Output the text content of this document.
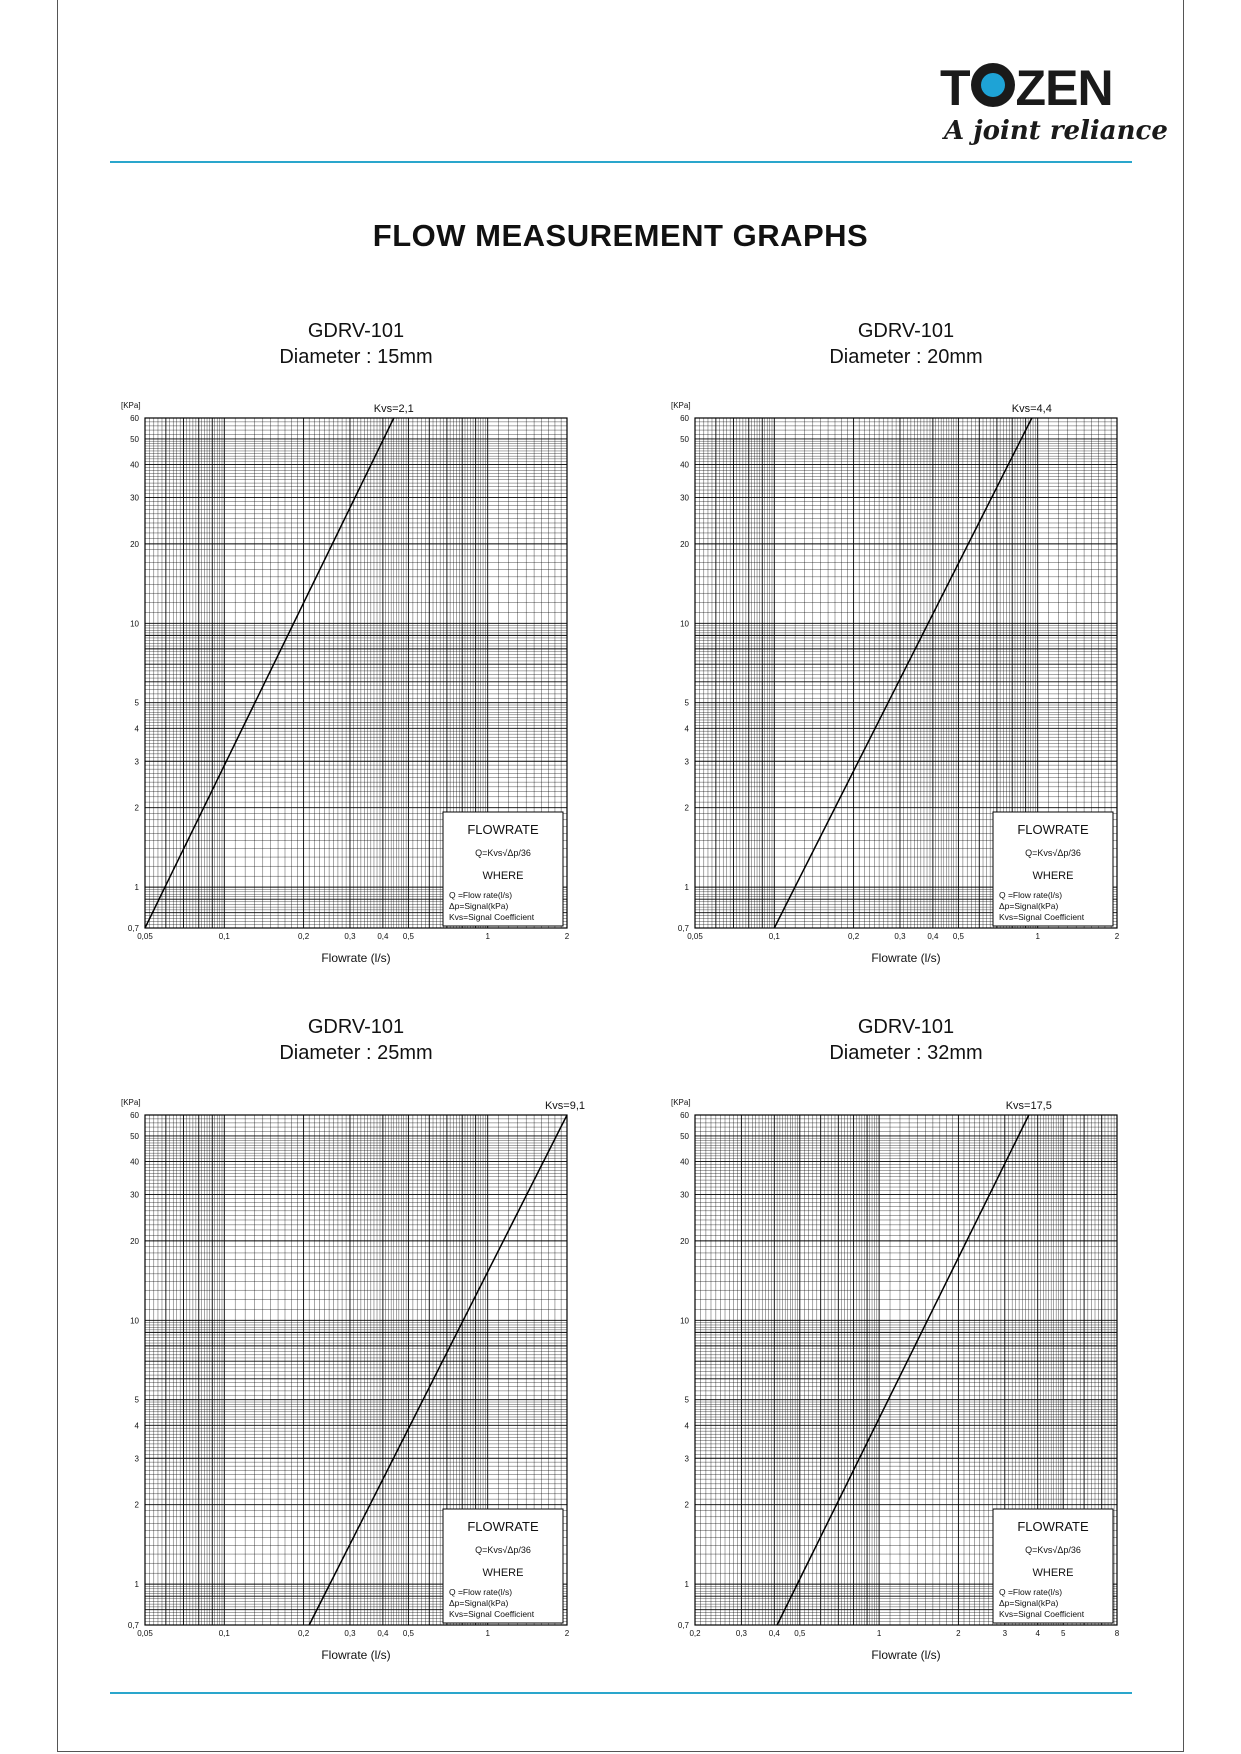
T ZEN
A joint reliance
FLOW MEASUREMENT GRAPHS
GDRV-101
Diameter : 15mm
0,05	0,1	0,2	0,3	0,4 0,5	1	2
0,7
1
2
3
4
5
10
20
30
40
50
60
[KPa]
Flowrate (l/s)
Kvs=2,1
FLOWRATE
Q=Kvs√Δp/36
WHERE
Q =Flow rate(l/s)
Δp=Signal(kPa)
Kvs=Signal Coefficient
GDRV-101
Diameter : 20mm
0,05	0,1	0,2	0,3	0,4 0,5	1	2
0,7
1
2
3
4
5
10
20
30
40
50
60
[KPa]
Flowrate (l/s)
Kvs=4,4
FLOWRATE
Q=Kvs√Δp/36
WHERE
Q =Flow rate(l/s)
Δp=Signal(kPa)
Kvs=Signal Coefficient
GDRV-101
Diameter : 25mm
0,05	0,1	0,2	0,3	0,4 0,5	1	2
0,7
1
2
3
4
5
10
20
30
40
50
60
[KPa]
Flowrate (l/s)
Kvs=9,1
FLOWRATE
Q=Kvs√Δp/36
WHERE
Q =Flow rate(l/s)
Δp=Signal(kPa)
Kvs=Signal Coefficient
GDRV-101
Diameter : 32mm
0,2	0,3	0,4 0,5	1	2	3	4	5	8
0,7
1
2
3
4
5
10
20
30
40
50
60
[KPa]
Flowrate (l/s)
Kvs=17,5
FLOWRATE
Q=Kvs√Δp/36
WHERE
Q =Flow rate(l/s)
Δp=Signal(kPa)
Kvs=Signal Coefficient
